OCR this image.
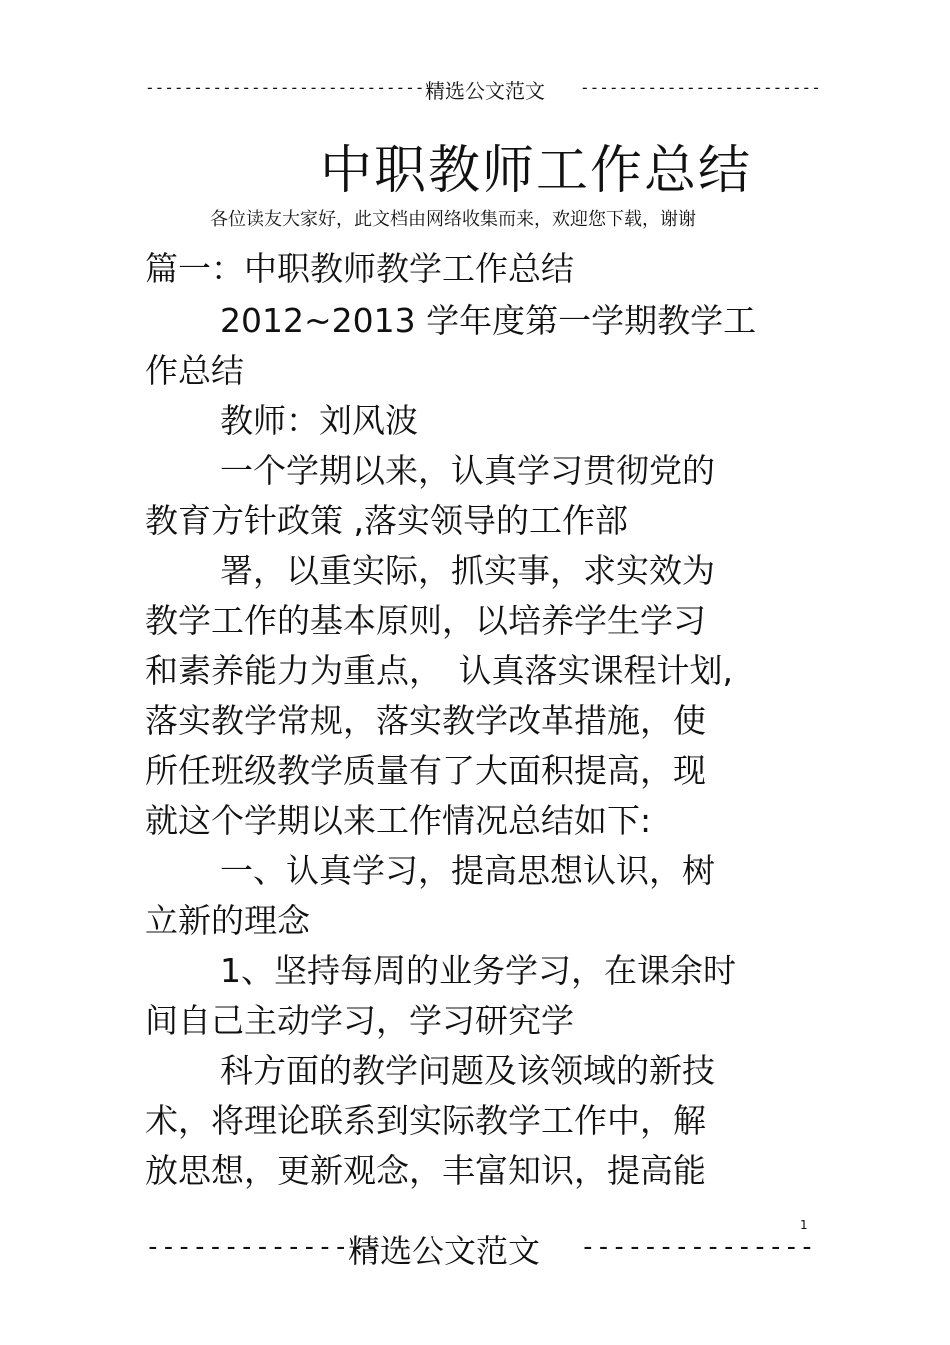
--------------------------------
精选公文范文 -------------------------
中职教师工作总结
各位读友大家好，此文档由网络收集而来，欢迎您下载，谢谢
篇一：中职教师教学工作总结
2012~2013 学年度第一学期教学工
作总结
教师：刘风波
一个学期以来，认真学习贯彻党的
教育方针政策 ,落实领导的工作部
署，以重实际，抓实事，求实效为
教学工作的基本原则，以培养学生学习
和素养能力为重点，　认真落实课程计划,
落实教学常规，落实教学改革措施，使
所任班级教学质量有了大面积提高，现
就这个学期以来工作情况总结如下:
一、认真学习，提高思想认识，树
立新的理念
1、坚持每周的业务学习，在课余时
间自己主动学习，学习研究学
科方面的教学问题及该领域的新技
术，将理论联系到实际教学工作中，解
放思想，更新观念，丰富知识，提高能
1
---------------
精选公文范文 ---------------
